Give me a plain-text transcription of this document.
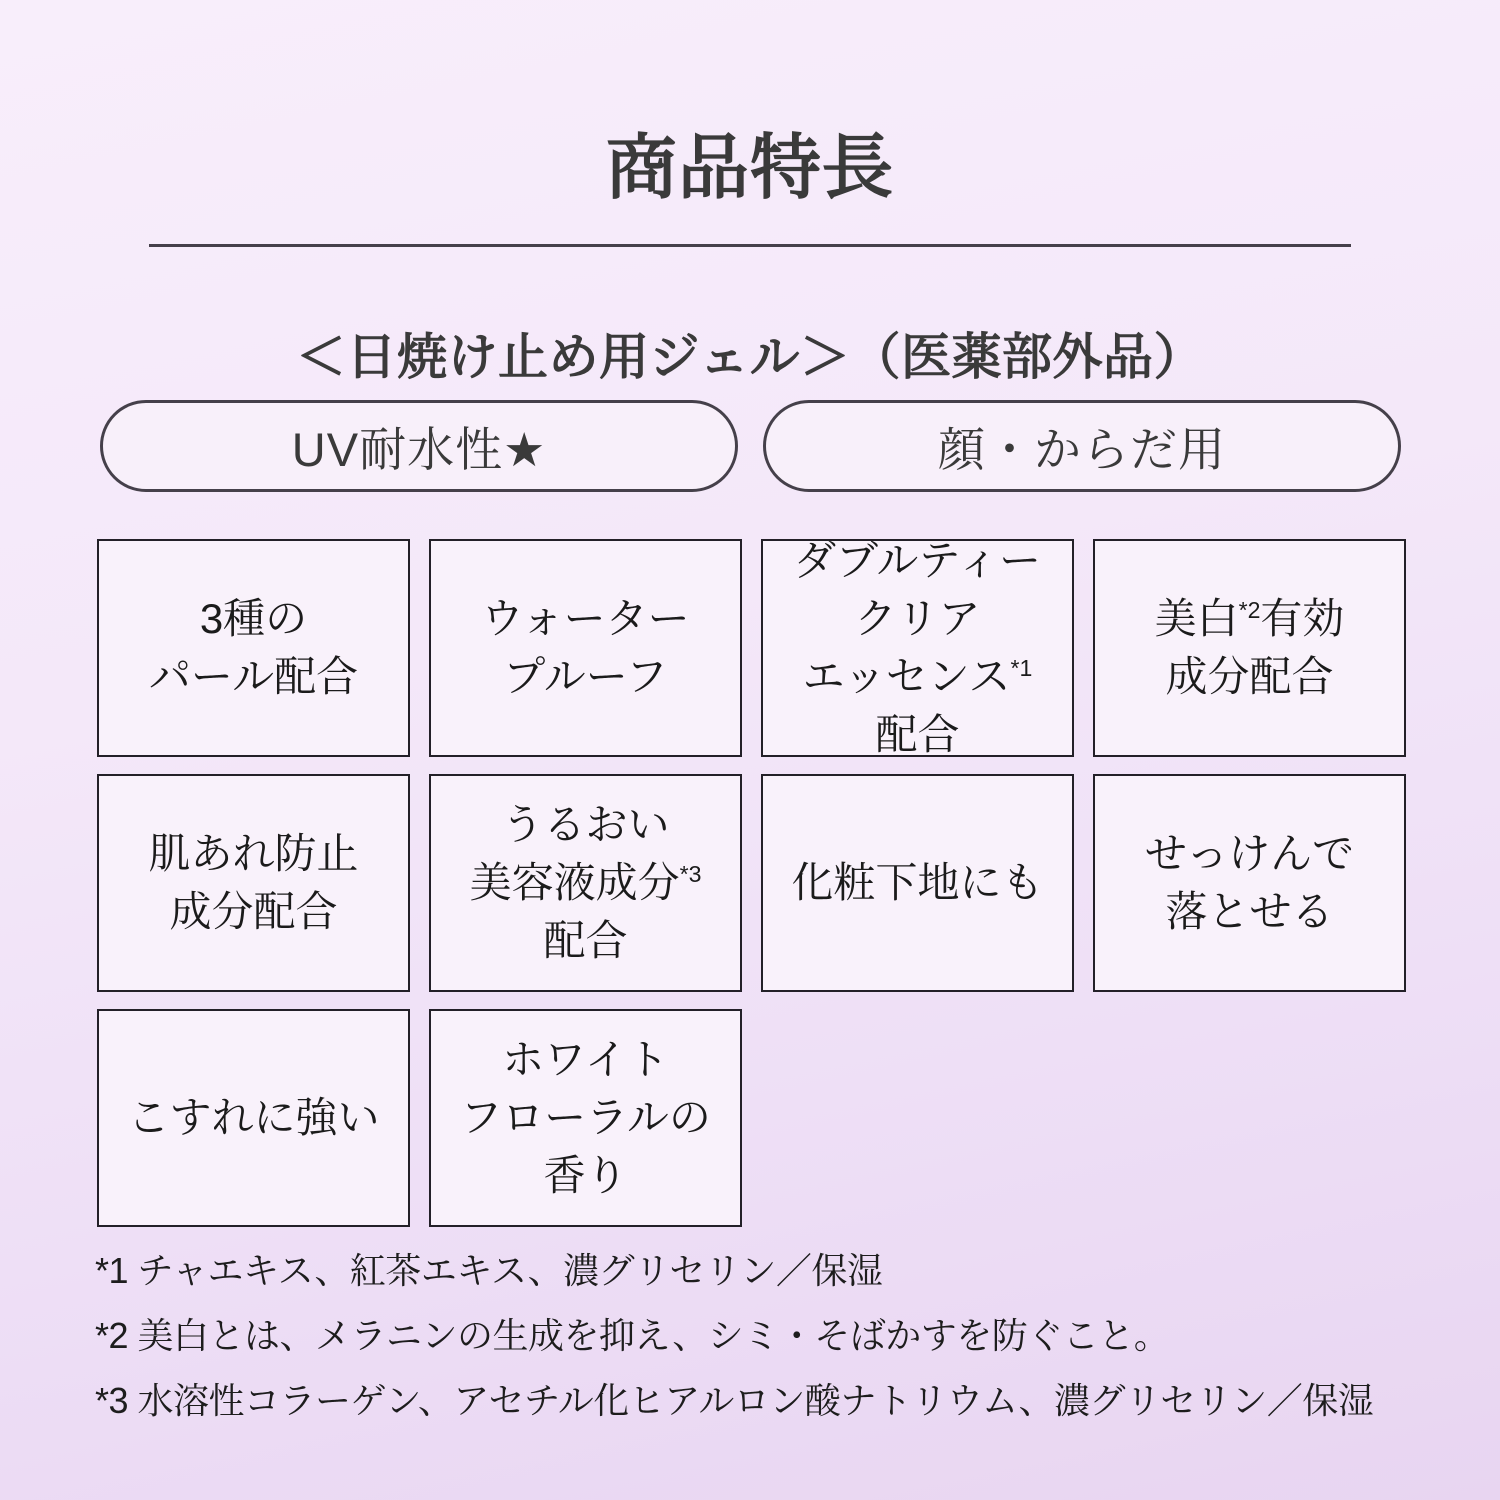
商品特長
＜日焼け止め用ジェル＞（医薬部外品）
UV耐水性★	顔・からだ用
3種の
パール配合
ウォーター
プルーフ
ダブルティー
クリア
エッセンス$^{*1}$
配合
美白$^{*2}$有効
成分配合
肌あれ防止
成分配合
うるおい
美容液成分$^{*3}$
配合
化粧下地にも
せっけんで
落とせる
こすれに強い
ホワイト
フローラルの
香り
*1 チャエキス、紅茶エキス、濃グリセリン／保湿
*2 美白とは、メラニンの生成を抑え、シミ・そばかすを防ぐこと。
*3 水溶性コラーゲン、アセチル化ヒアルロン酸ナトリウム、濃グリセリン／保湿
